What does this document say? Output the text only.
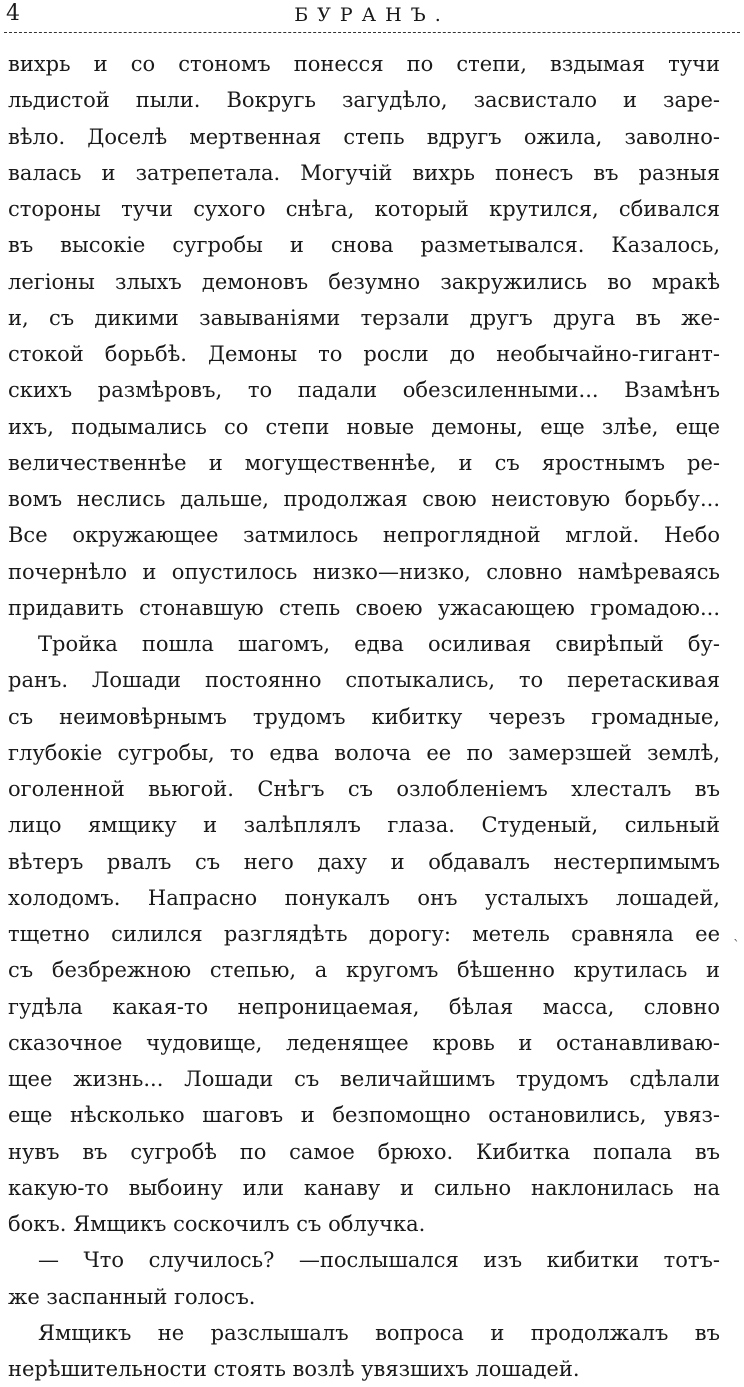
4	БУРАНЪ.
вихрь и со стономъ понесся по степи, вздымая тучи
льдистой пыли. Вокругь загудѣло, засвистало и заре-
вѣло. Доселѣ мертвенная степь вдругъ ожила, заволно-
валась и затрепетала. Могучій вихрь понесъ въ разныя
стороны тучи сухого снѣга, который крутился, сбивался
въ высокіе сугробы и снова разметывался. Казалось,
легіоны злыхъ демоновъ безумно закружились во мракѣ
и, съ дикими завываніями терзали другъ друга въ же-
стокой борьбѣ. Демоны то росли до необычайно-гигант-
скихъ размѣровъ, то падали обезсиленными... Взамѣнъ
ихъ, подымались со степи новые демоны, еще злѣе, еще
величественнѣе и могущественнѣе, и съ яростнымъ ре-
вомъ неслись дальше, продолжая свою неистовую борьбу...
Все окружающее затмилось непроглядной мглой. Небо
почернѣло и опустилось низко—низко, словно намѣреваясь
придавить стонавшую степь своею ужасающею громадою...
Тройка пошла шагомъ, едва осиливая свирѣпый бу-
ранъ. Лошади постоянно спотыкались, то перетаскивая
съ неимовѣрнымъ трудомъ кибитку черезъ громадные,
глубокіе сугробы, то едва волоча ее по замерзшей землѣ,
оголенной вьюгой. Снѣгъ съ озлобленіемъ хлесталъ въ
лицо ямщику и залѣплялъ глаза. Студеный, сильный
вѣтеръ рвалъ съ него даху и обдавалъ нестерпимымъ
холодомъ. Напрасно понукалъ онъ усталыхъ лошадей,
тщетно силился разглядѣть дорогу: метель сравняла ее
съ безбрежною степью, а кругомъ бѣшенно крутилась и
гудѣла какая-то непроницаемая, бѣлая масса, словно
сказочное чудовище, леденящее кровь и останавливаю-
щее жизнь... Лошади съ величайшимъ трудомъ сдѣлали
еще нѣсколько шаговъ и безпомощно остановились, увяз-
нувъ въ сугробѣ по самое брюхо. Кибитка попала въ
какую-то выбоину или канаву и сильно наклонилась на
бокъ. Ямщикъ соскочилъ съ облучка.
— Что случилось? —послышался изъ кибитки тотъ-
же заспанный голосъ.
Ямщикъ не разслышалъ вопроса и продолжалъ въ
нерѣшительности стоять возлѣ увязшихъ лошадей.
`
